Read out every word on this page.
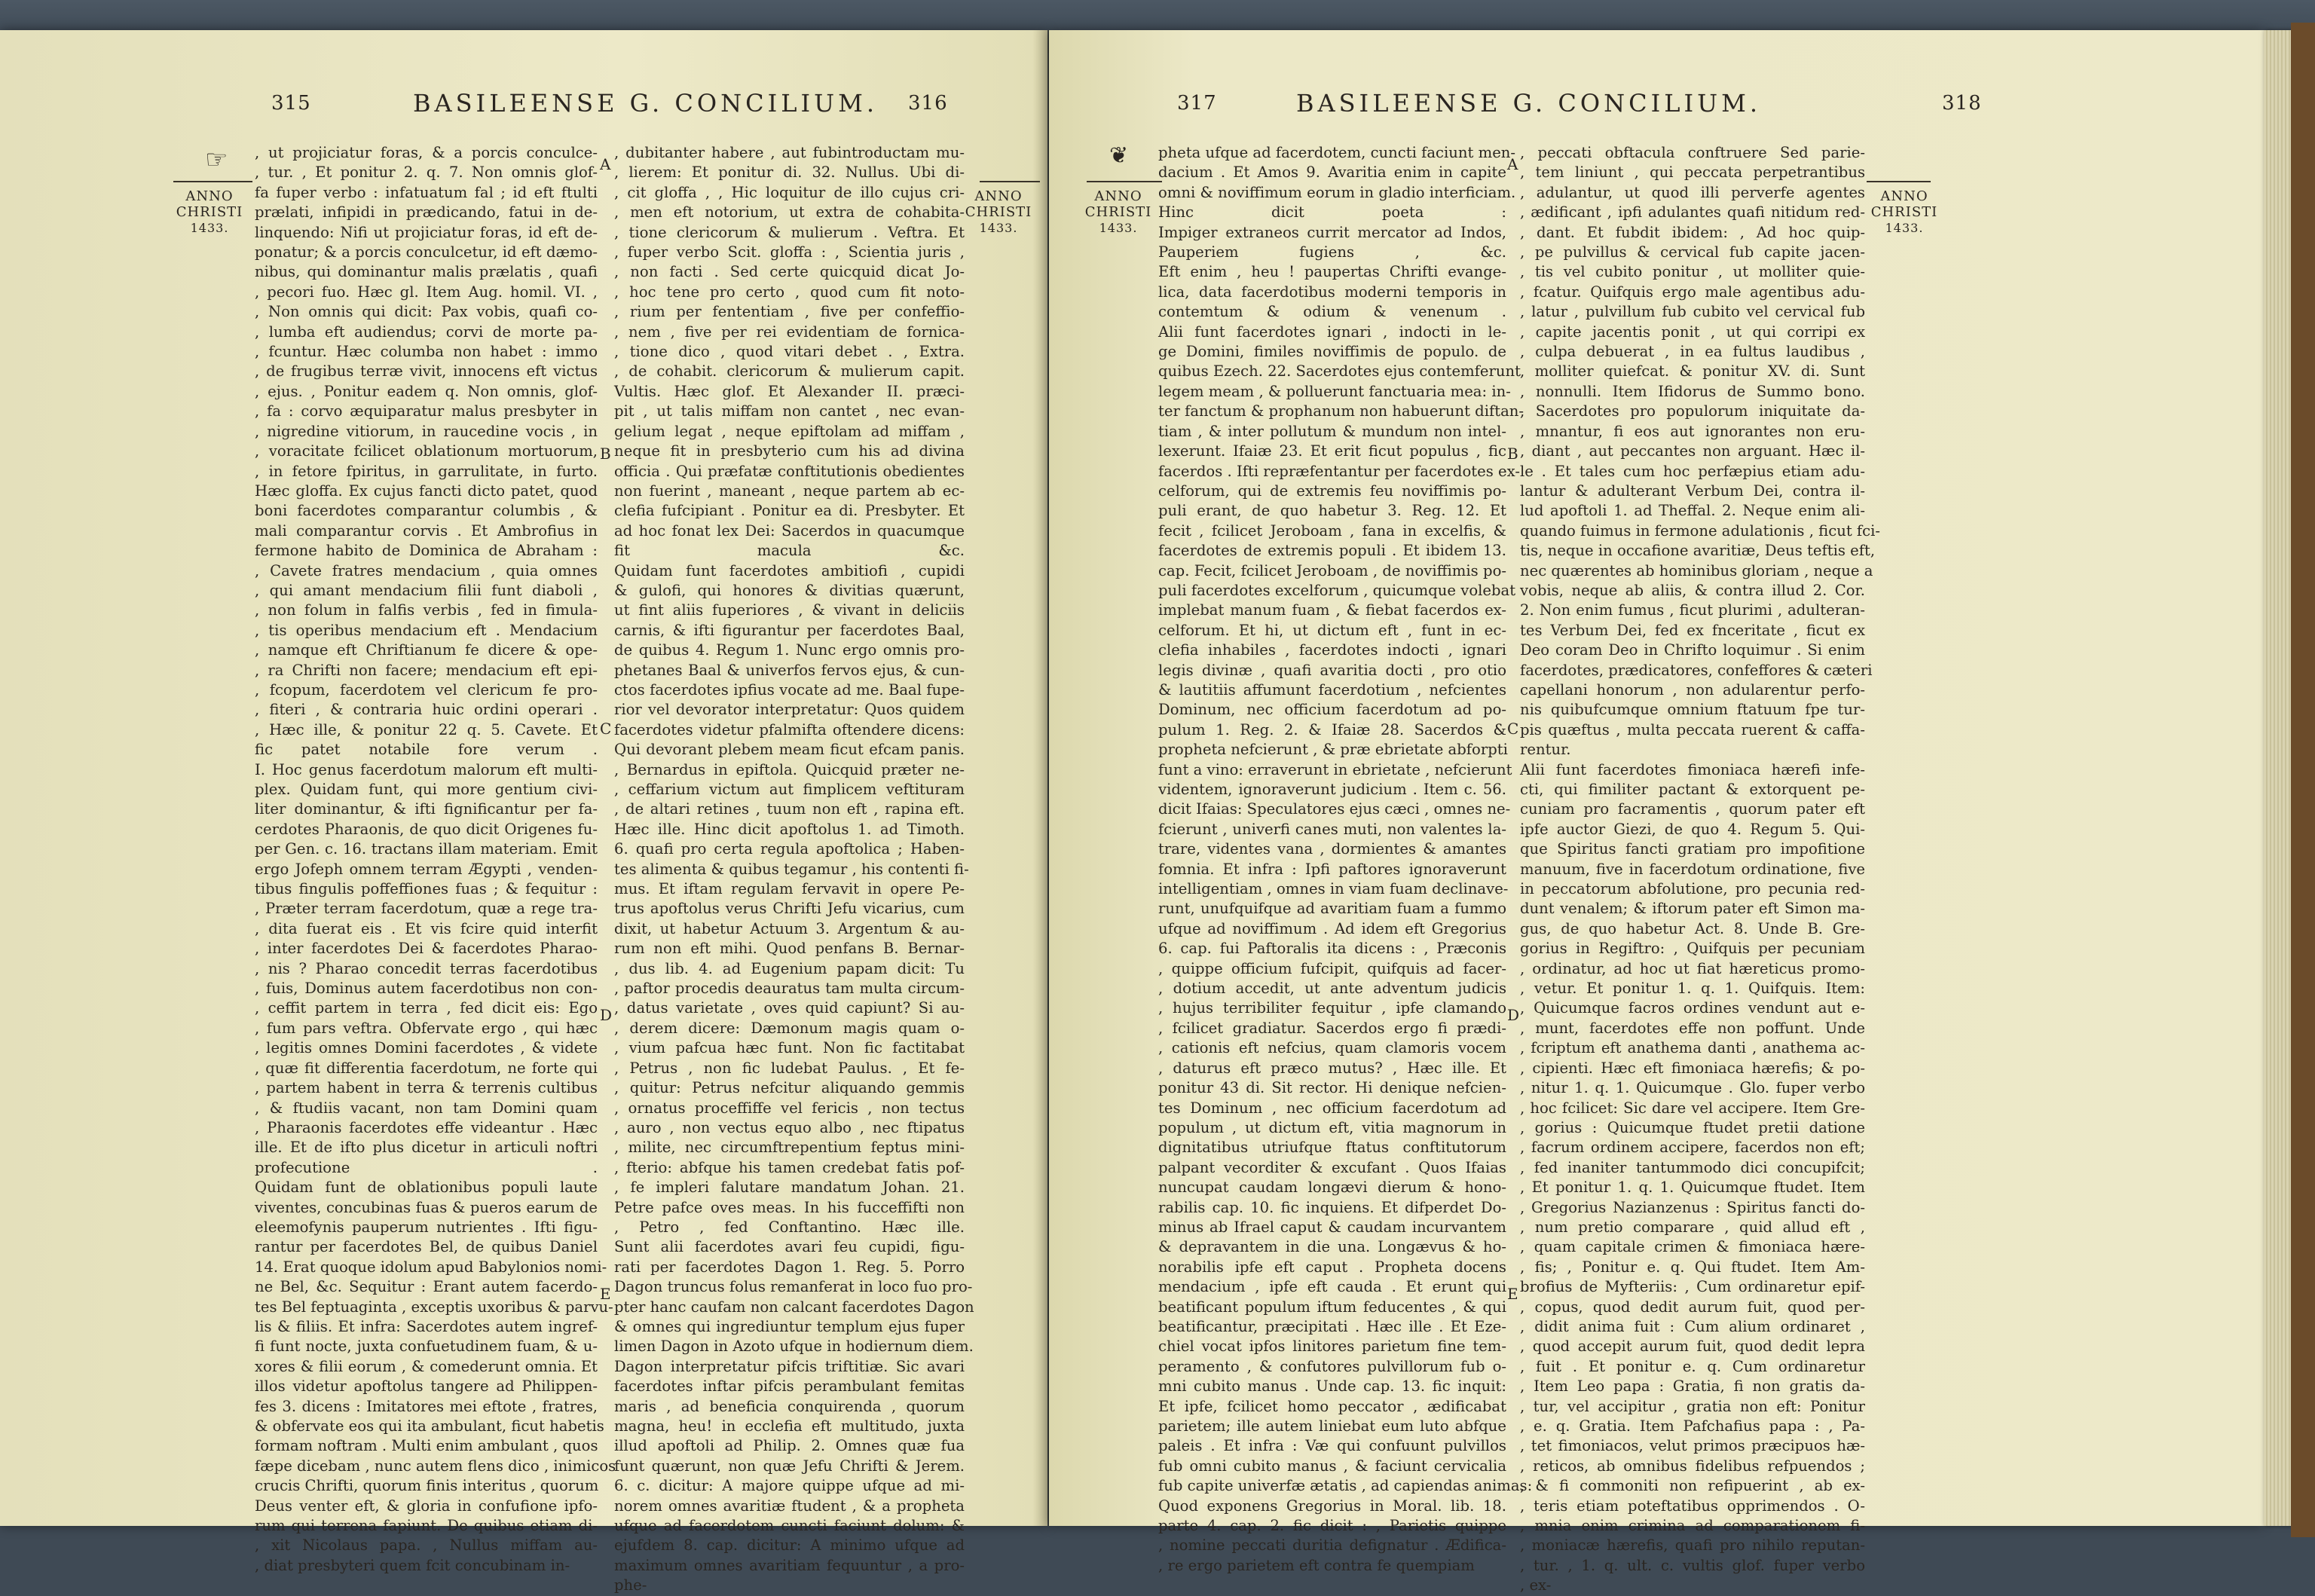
☞
315	BASILEENSE G. CONCILIUM. 316
ANNO
CHRISTI
1433.
ANNO
CHRISTI
1433.
, ut projiciatur foras, & a porcis conculce-
, tur. , Et ponitur 2. q. 7. Non omnis glof-
fa fuper verbo : infatuatum fal ; id eft ftulti
prælati, infipidi in prædicando, fatui in de-
linquendo: Nifi ut projiciatur foras, id eft de-
ponatur; & a porcis conculcetur, id eft dæmo-
nibus, qui dominantur malis prælatis , quafi
, pecori fuo. Hæc gl. Item Aug. homil. VI. ,
, Non omnis qui dicit: Pax vobis, quafi co-
, lumba eft audiendus; corvi de morte pa-
, fcuntur. Hæc columba non habet : immo
, de frugibus terræ vivit, innocens eft victus
, ejus. , Ponitur eadem q. Non omnis, glof-
, fa : corvo æquiparatur malus presbyter in
, nigredine vitiorum, in raucedine vocis , in
, voracitate fcilicet oblationum mortuorum,
, in fetore fpiritus, in garrulitate, in furto.
Hæc gloffa. Ex cujus fancti dicto patet, quod
boni facerdotes comparantur columbis , &
mali comparantur corvis . Et Ambrofius in
fermone habito de Dominica de Abraham :
, Cavete fratres mendacium , quia omnes
, qui amant mendacium filii funt diaboli ,
, non folum in falfis verbis , fed in fimula-
, tis operibus mendacium eft . Mendacium
, namque eft Chriftianum fe dicere & ope-
, ra Chrifti non facere; mendacium eft epi-
, fcopum, facerdotem vel clericum fe pro-
, fiteri , & contraria huic ordini operari .
, Hæc ille, & ponitur 22 q. 5. Cavete. Et
fic patet notabile fore verum .
I. Hoc genus facerdotum malorum eft multi-
plex. Quidam funt, qui more gentium civi-
liter dominantur, & ifti fignificantur per fa-
cerdotes Pharaonis, de quo dicit Origenes fu-
per Gen. c. 16. tractans illam materiam. Emit
ergo Jofeph omnem terram Ægypti , venden-
tibus fingulis poffeffiones fuas ; & fequitur :
, Præter terram facerdotum, quæ a rege tra-
, dita fuerat eis . Et vis fcire quid interfit
, inter facerdotes Dei & facerdotes Pharao-
, nis ? Pharao concedit terras facerdotibus
, fuis, Dominus autem facerdotibus non con-
, ceffit partem in terra , fed dicit eis: Ego
, fum pars veftra. Obfervate ergo , qui hæc
, legitis omnes Domini facerdotes , & videte
, quæ fit differentia facerdotum, ne forte qui
, partem habent in terra & terrenis cultibus
, & ftudiis vacant, non tam Domini quam
, Pharaonis facerdotes effe videantur . Hæc
ille. Et de ifto plus dicetur in articuli noftri
profecutione .
Quidam funt de oblationibus populi laute
viventes, concubinas fuas & pueros earum de
eleemofynis pauperum nutrientes . Ifti figu-
rantur per facerdotes Bel, de quibus Daniel
14. Erat quoque idolum apud Babylonios nomi-
ne Bel, &c. Sequitur : Erant autem facerdo-
tes Bel feptuaginta , exceptis uxoribus & parvu-
lis & filiis. Et infra: Sacerdotes autem ingref-
fi funt nocte, juxta confuetudinem fuam, & u-
xores & filii eorum , & comederunt omnia. Et
illos videtur apoftolus tangere ad Philippen-
fes 3. dicens : Imitatores mei eftote , fratres,
& obfervate eos qui ita ambulant, ficut habetis
formam noftram . Multi enim ambulant , quos
fæpe dicebam , nunc autem flens dico , inimicos
crucis Chrifti, quorum finis interitus , quorum
Deus venter eft, & gloria in confufione ipfo-
rum qui terrena fapiunt. De quibus etiam di-
, xit Nicolaus papa. , Nullus miffam au-
, diat presbyteri quem fcit concubinam in-
, dubitanter habere , aut fubintroductam mu-
, lierem: Et ponitur di. 32. Nullus. Ubi di-
, cit gloffa , , Hic loquitur de illo cujus cri-
, men eft notorium, ut extra de cohabita-
, tione clericorum & mulierum . Veftra. Et
, fuper verbo Scit. gloffa : , Scientia juris ,
, non facti . Sed certe quicquid dicat Jo-
, hoc tene pro certo , quod cum fit noto-
, rium per fententiam , five per confeffio-
, nem , five per rei evidentiam de fornica-
, tione dico , quod vitari debet . , Extra.
, de cohabit. clericorum & mulierum capit.
Vultis. Hæc glof. Et Alexander II. præci-
pit , ut talis miffam non cantet , nec evan-
gelium legat , neque epiftolam ad miffam ,
neque fit in presbyterio cum his ad divina
officia . Qui præfatæ conftitutionis obedientes
non fuerint , maneant , neque partem ab ec-
clefia fufcipiant . Ponitur ea di. Presbyter. Et
ad hoc fonat lex Dei: Sacerdos in quacumque
fit macula &c.
Quidam funt facerdotes ambitiofi , cupidi
& gulofi, qui honores & divitias quærunt,
ut fint aliis fuperiores , & vivant in deliciis
carnis, & ifti figurantur per facerdotes Baal,
de quibus 4. Regum 1. Nunc ergo omnis pro-
phetanes Baal & univerfos fervos ejus, & cun-
ctos facerdotes ipfius vocate ad me. Baal fupe-
rior vel devorator interpretatur: Quos quidem
facerdotes videtur pfalmifta oftendere dicens:
Qui devorant plebem meam ficut efcam panis.
, Bernardus in epiftola. Quicquid præter ne-
, ceffarium victum aut fimplicem veftituram
, de altari retines , tuum non eft , rapina eft.
Hæc ille. Hinc dicit apoftolus 1. ad Timoth.
6. quafi pro certa regula apoftolica ; Haben-
tes alimenta & quibus tegamur , his contenti fi-
mus. Et iftam regulam fervavit in opere Pe-
trus apoftolus verus Chrifti Jefu vicarius, cum
dixit, ut habetur Actuum 3. Argentum & au-
rum non eft mihi. Quod penfans B. Bernar-
, dus lib. 4. ad Eugenium papam dicit: Tu
, paftor procedis deauratus tam multa circum-
, datus varietate , oves quid capiunt? Si au-
, derem dicere: Dæmonum magis quam o-
, vium pafcua hæc funt. Non fic factitabat
, Petrus , non fic ludebat Paulus. , Et fe-
, quitur: Petrus nefcitur aliquando gemmis
, ornatus proceffiffe vel fericis , non tectus
, auro , non vectus equo albo , nec ftipatus
, milite, nec circumftrepentium feptus mini-
, fterio: abfque his tamen credebat fatis pof-
, fe impleri falutare mandatum Johan. 21.
Petre pafce oves meas. In his fucceffifti non
, Petro , fed Conftantino. Hæc ille.
Sunt alii facerdotes avari feu cupidi, figu-
rati per facerdotes Dagon 1. Reg. 5. Porro
Dagon truncus folus remanferat in loco fuo pro-
pter hanc caufam non calcant facerdotes Dagon
& omnes qui ingrediuntur templum ejus fuper
limen Dagon in Azoto ufque in hodiernum diem.
Dagon interpretatur pifcis triftitiæ. Sic avari
facerdotes inftar pifcis perambulant femitas
maris , ad beneficia conquirenda , quorum
magna, heu! in ecclefia eft multitudo, juxta
illud apoftoli ad Philip. 2. Omnes quæ fua
funt quærunt, non quæ Jefu Chrifti & Jerem.
6. c. dicitur: A majore quippe ufque ad mi-
norem omnes avaritiæ ftudent , & a propheta
ufque ad facerdotem cuncti faciunt dolum: &
ejufdem 8. cap. dicitur: A minimo ufque ad
maximum omnes avaritiam fequuntur , a pro-
phe-
A
B
C
D
E
❦
317	BASILEENSE G. CONCILIUM.	318
ANNO
CHRISTI
1433.
ANNO
CHRISTI
1433.
pheta ufque ad facerdotem, cuncti faciunt men-
dacium . Et Amos 9. Avaritia enim in capite
omni & noviffimum eorum in gladio interficiam.
Hinc dicit poeta :
Impiger extraneos currit mercator ad Indos,
Pauperiem fugiens , &c.
Eft enim , heu ! paupertas Chrifti evange-
lica, data facerdotibus moderni temporis in
contemtum & odium & venenum .
Alii funt facerdotes ignari , indocti in le-
ge Domini, fimiles noviffimis de populo. de
quibus Ezech. 22. Sacerdotes ejus contemferunt
legem meam , & polluerunt fanctuaria mea: in-
ter fanctum & prophanum non habuerunt diftan-
tiam , & inter pollutum & mundum non intel-
lexerunt. Ifaiæ 23. Et erit ficut populus , fic
facerdos . Ifti repræfentantur per facerdotes ex-
celforum, qui de extremis feu noviffimis po-
puli erant, de quo habetur 3. Reg. 12. Et
fecit , fcilicet Jeroboam , fana in excelfis, &
facerdotes de extremis populi . Et ibidem 13.
cap. Fecit, fcilicet Jeroboam , de noviffimis po-
puli facerdotes excelforum , quicumque volebat
implebat manum fuam , & fiebat facerdos ex-
celforum. Et hi, ut dictum eft , funt in ec-
clefia inhabiles , facerdotes indocti , ignari
legis divinæ , quafi avaritia docti , pro otio
& lautitiis affumunt facerdotium , nefcientes
Dominum, nec officium facerdotum ad po-
pulum 1. Reg. 2. & Ifaiæ 28. Sacerdos &
propheta nefcierunt , & præ ebrietate abforpti
funt a vino: erraverunt in ebrietate , nefcierunt
videntem, ignoraverunt judicium . Item c. 56.
dicit Ifaias: Speculatores ejus cæci , omnes ne-
fcierunt , univerfi canes muti, non valentes la-
trare, videntes vana , dormientes & amantes
fomnia. Et infra : Ipfi paftores ignoraverunt
intelligentiam , omnes in viam fuam declinave-
runt, unufquifque ad avaritiam fuam a fummo
ufque ad noviffimum . Ad idem eft Gregorius
6. cap. fui Paftoralis ita dicens : , Præconis
, quippe officium fufcipit, quifquis ad facer-
, dotium accedit, ut ante adventum judicis
, hujus terribiliter fequitur , ipfe clamando
, fcilicet gradiatur. Sacerdos ergo fi prædi-
, cationis eft nefcius, quam clamoris vocem
, daturus eft præco mutus? , Hæc ille. Et
ponitur 43 di. Sit rector. Hi denique nefcien-
tes Dominum , nec officium facerdotum ad
populum , ut dictum eft, vitia magnorum in
dignitatibus utriufque ftatus conftitutorum
palpant vecorditer & excufant . Quos Ifaias
nuncupat caudam longævi dierum & hono-
rabilis cap. 10. fic inquiens. Et difperdet Do-
minus ab Ifrael caput & caudam incurvantem
& depravantem in die una. Longævus & ho-
norabilis ipfe eft caput . Propheta docens
mendacium , ipfe eft cauda . Et erunt qui
beatificant populum iftum feducentes , & qui
beatificantur, præcipitati . Hæc ille . Et Eze-
chiel vocat ipfos linitores parietum fine tem-
peramento , & confutores pulvillorum fub o-
mni cubito manus . Unde cap. 13. fic inquit:
Et ipfe, fcilicet homo peccator , ædificabat
parietem; ille autem liniebat eum luto abfque
paleis . Et infra : Væ qui confuunt pulvillos
fub omni cubito manus , & faciunt cervicalia
fub capite univerfæ ætatis , ad capiendas animas:
Quod exponens Gregorius in Moral. lib. 18.
parte 4. cap. 2. fic dicit : , Parietis quippe
, nomine peccati duritia defignatur . Ædifica-
, re ergo parietem eft contra fe quempiam
, peccati obftacula conftruere Sed parie-
, tem liniunt , qui peccata perpetrantibus
, adulantur, ut quod illi perverfe agentes
, ædificant , ipfi adulantes quafi nitidum red-
, dant. Et fubdit ibidem: , Ad hoc quip-
, pe pulvillus & cervical fub capite jacen-
, tis vel cubito ponitur , ut molliter quie-
, fcatur. Quifquis ergo male agentibus adu-
, latur , pulvillum fub cubito vel cervical fub
, capite jacentis ponit , ut qui corripi ex
, culpa debuerat , in ea fultus laudibus ,
, molliter quiefcat. & ponitur XV. di. Sunt
, nonnulli. Item Ifidorus de Summo bono.
, Sacerdotes pro populorum iniquitate da-
, mnantur, fi eos aut ignorantes non eru-
, diant , aut peccantes non arguant. Hæc il-
le . Et tales cum hoc perfæpius etiam adu-
lantur & adulterant Verbum Dei, contra il-
lud apoftoli 1. ad Theffal. 2. Neque enim ali-
quando fuimus in fermone adulationis , ficut fci-
tis, neque in occafione avaritiæ, Deus teftis eft,
nec quærentes ab hominibus gloriam , neque a
vobis, neque ab aliis, & contra illud 2. Cor.
2. Non enim fumus , ficut plurimi , adulteran-
tes Verbum Dei, fed ex fnceritate , ficut ex
Deo coram Deo in Chrifto loquimur . Si enim
facerdotes, prædicatores, confeffores & cæteri
capellani honorum , non adularentur perfo-
nis quibufcumque omnium ftatuum fpe tur-
pis quæftus , multa peccata ruerent & caffa-
rentur.
Alii funt facerdotes fimoniaca hærefi infe-
cti, qui fimiliter pactant & extorquent pe-
cuniam pro facramentis , quorum pater eft
ipfe auctor Giezi, de quo 4. Regum 5. Qui-
que Spiritus fancti gratiam pro impofitione
manuum, five in facerdotum ordinatione, five
in peccatorum abfolutione, pro pecunia red-
dunt venalem; & iftorum pater eft Simon ma-
gus, de quo habetur Act. 8. Unde B. Gre-
gorius in Regiftro: , Quifquis per pecuniam
, ordinatur, ad hoc ut fiat hæreticus promo-
, vetur. Et ponitur 1. q. 1. Quifquis. Item:
, Quicumque facros ordines vendunt aut e-
, munt, facerdotes effe non poffunt. Unde
, fcriptum eft anathema danti , anathema ac-
, cipienti. Hæc eft fimoniaca hærefis; & po-
, nitur 1. q. 1. Quicumque . Glo. fuper verbo
, hoc fcilicet: Sic dare vel accipere. Item Gre-
, gorius : Quicumque ftudet pretii datione
, facrum ordinem accipere, facerdos non eft;
, fed inaniter tantummodo dici concupifcit;
, Et ponitur 1. q. 1. Quicumque ftudet. Item
, Gregorius Nazianzenus : Spiritus fancti do-
, num pretio comparare , quid allud eft ,
, quam capitale crimen & fimoniaca hære-
, fis; , Ponitur e. q. Qui ftudet. Item Am-
brofius de Myfteriis: , Cum ordinaretur epif-
, copus, quod dedit aurum fuit, quod per-
, didit anima fuit : Cum alium ordinaret ,
, quod accepit aurum fuit, quod dedit lepra
, fuit . Et ponitur e. q. Cum ordinaretur
, Item Leo papa : Gratia, fi non gratis da-
, tur, vel accipitur , gratia non eft: Ponitur
, e. q. Gratia. Item Pafchafius papa : , Pa-
, tet fimoniacos, velut primos præcipuos hæ-
, reticos, ab omnibus fidelibus refpuendos ;
, & fi commoniti non refipuerint , ab ex-
, teris etiam poteftatibus opprimendos . O-
, mnia enim crimina ad comparationem fi-
, moniacæ hærefis, quafi pro nihilo reputan-
, tur. , 1. q. ult. c. vultis glof. fuper verbo
, ex-
A
B
C
D
E
